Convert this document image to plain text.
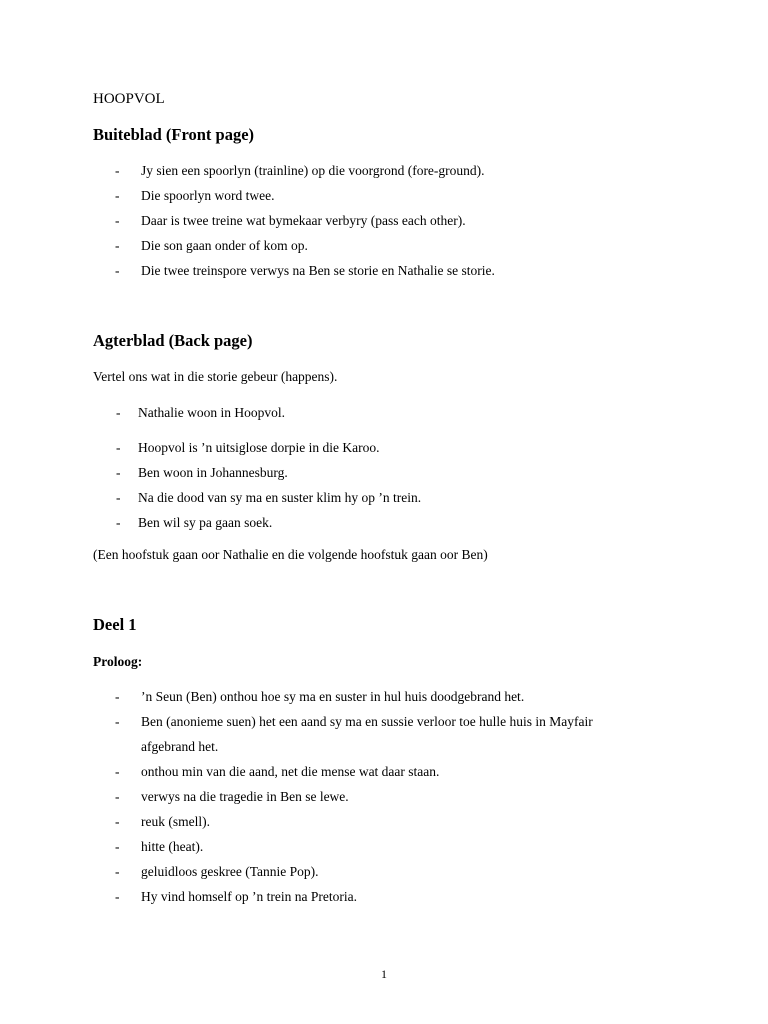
HOOPVOL
Buiteblad (Front page)
- Jy sien een spoorlyn (trainline) op die voorgrond (fore-ground).
- Die spoorlyn word twee.
- Daar is twee treine wat bymekaar verbyry (pass each other).
- Die son gaan onder of kom op.
- Die twee treinspore verwys na Ben se storie en Nathalie se storie.
Agterblad (Back page)
Vertel ons wat in die storie gebeur (happens).
- Nathalie woon in Hoopvol.
- Hoopvol is ’n uitsiglose dorpie in die Karoo.
- Ben woon in Johannesburg.
- Na die dood van sy ma en suster klim hy op ’n trein.
- Ben wil sy pa gaan soek.
(Een hoofstuk gaan oor Nathalie en die volgende hoofstuk gaan oor Ben)
Deel 1
Proloog:
- ’n Seun (Ben) onthou hoe sy ma en suster in hul huis doodgebrand het.
- Ben (anonieme suen) het een aand sy ma en sussie verloor toe hulle huis in Mayfair
afgebrand het.
- onthou min van die aand, net die mense wat daar staan.
- verwys na die tragedie in Ben se lewe.
- reuk (smell).
- hitte (heat).
- geluidloos geskree (Tannie Pop).
- Hy vind homself op ’n trein na Pretoria.
1
